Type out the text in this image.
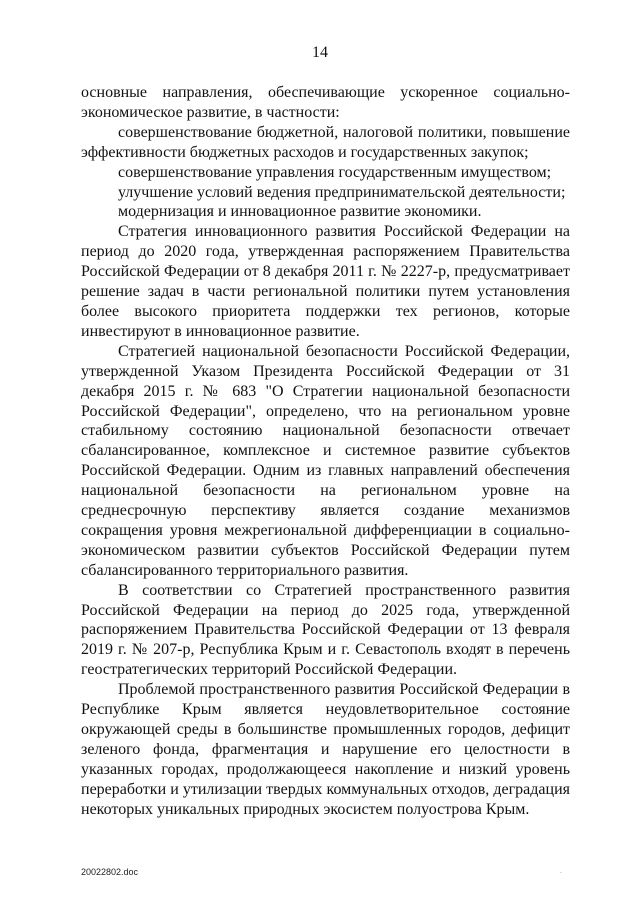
14

основные направления, обеспечивающие ускоренное социально-экономическое развитие, в частности:

совершенствование бюджетной, налоговой политики, повышение эффективности бюджетных расходов и государственных закупок;

совершенствование управления государственным имуществом;

улучшение условий ведения предпринимательской деятельности;

модернизация и инновационное развитие экономики.

Стратегия инновационного развития Российской Федерации на период до 2020 года, утвержденная распоряжением Правительства Российской Федерации от 8 декабря 2011 г. № 2227-р, предусматривает решение задач в части региональной политики путем установления более высокого приоритета поддержки тех регионов, которые инвестируют в инновационное развитие.

Стратегией национальной безопасности Российской Федерации, утвержденной Указом Президента Российской Федерации от 31 декабря 2015 г. № 683 "О Стратегии национальной безопасности Российской Федерации", определено, что на региональном уровне стабильному состоянию национальной безопасности отвечает сбалансированное, комплексное и системное развитие субъектов Российской Федерации. Одним из главных направлений обеспечения национальной безопасности на региональном уровне на среднесрочную перспективу является создание механизмов сокращения уровня межрегиональной дифференциации в социально-экономическом развитии субъектов Российской Федерации путем сбалансированного территориального развития.

В соответствии со Стратегией пространственного развития Российской Федерации на период до 2025 года, утвержденной распоряжением Правительства Российской Федерации от 13 февраля 2019 г. № 207-р, Республика Крым и г. Севастополь входят в перечень геостратегических территорий Российской Федерации.

Проблемой пространственного развития Российской Федерации в Республике Крым является неудовлетворительное состояние окружающей среды в большинстве промышленных городов, дефицит зеленого фонда, фрагментация и нарушение его целостности в указанных городах, продолжающееся накопление и низкий уровень переработки и утилизации твердых коммунальных отходов, деградация некоторых уникальных природных экосистем полуострова Крым.

20022802.doc	·
